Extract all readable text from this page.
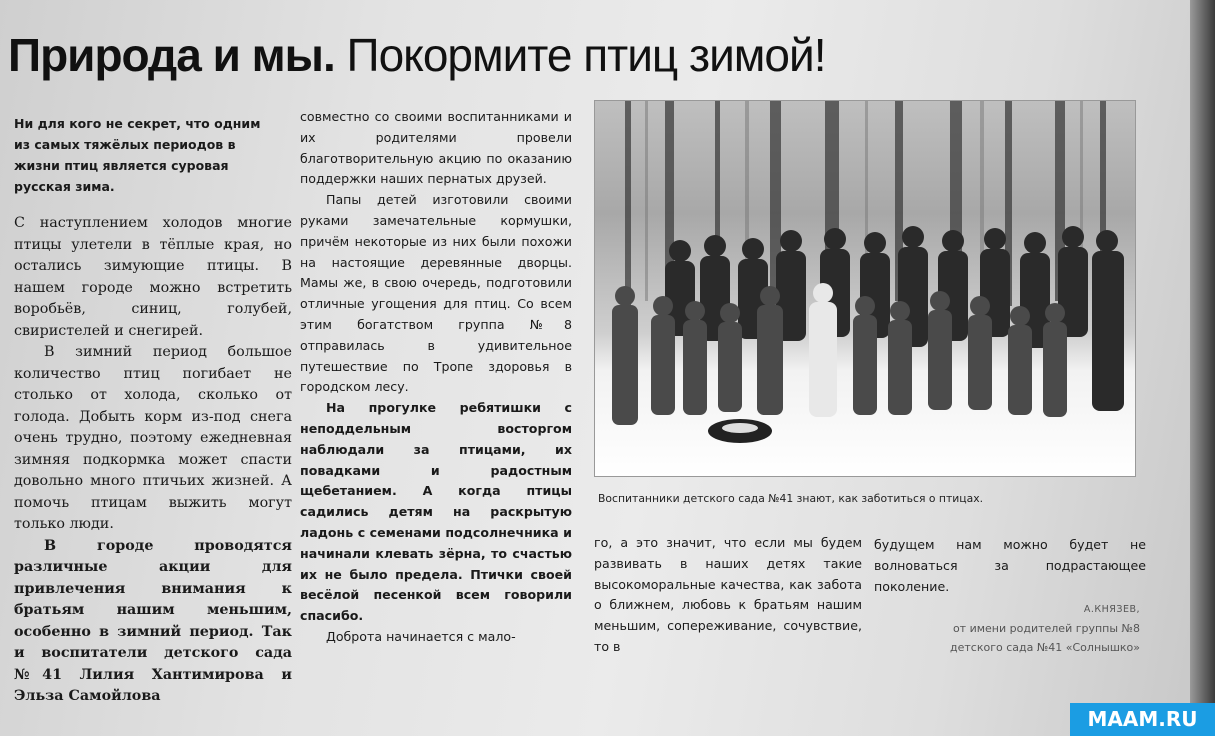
Природа и мы. Покормите птиц зимой!
Ни для кого не секрет, что одним из самых тяжёлых периодов в жизни птиц является суровая русская зима.

С наступлением холодов многие птицы улетели в тёплые края, но остались зимующие птицы. В нашем городе можно встретить воробьёв, синиц, голубей, свиристелей и снегирей.

В зимний период большое количество птиц погибает не столько от холода, сколько от голода. Добыть корм из-под снега очень трудно, поэтому ежедневная зимняя подкормка может спасти довольно много птичьих жизней. А помочь птицам выжить могут только люди.

В городе проводятся различные акции для привлечения внимания к братьям нашим меньшим, особенно в зимний период. Так и воспитатели детского сада №41 Лилия Хантимирова и Эльза Самойлова

совместно со своими воспитанниками и их родителями провели благотворительную акцию по оказанию поддержки наших пернатых друзей.

Папы детей изготовили своими руками замечательные кормушки, причём некоторые из них были похожи на настоящие деревянные дворцы. Мамы же, в свою очередь, подготовили отличные угощения для птиц. Со всем этим богатством группа №8 отправилась в удивительное путешествие по Тропе здоровья в городском лесу.

На прогулке ребятишки с неподдельным восторгом наблюдали за птицами, их повадками и радостным щебетанием. А когда птицы садились детям на раскрытую ладонь с семенами подсолнечника и начинали клевать зёрна, то счастью их не было предела. Птички своей весёлой песенкой всем говорили спасибо.

Доброта начинается с мало-

Воспитанники детского сада №41 знают, как заботиться о птицах.

го, а это значит, что если мы будем развивать в наших детях такие высокоморальные качества, как забота о ближнем, любовь к братьям нашим меньшим, сопереживание, сочувствие, то в

будущем нам можно будет не волноваться за подрастающее поколение.

А.КНЯЗЕВ,
от имени родителей группы №8
детского сада №41 «Солнышко»
MAAM.RU
